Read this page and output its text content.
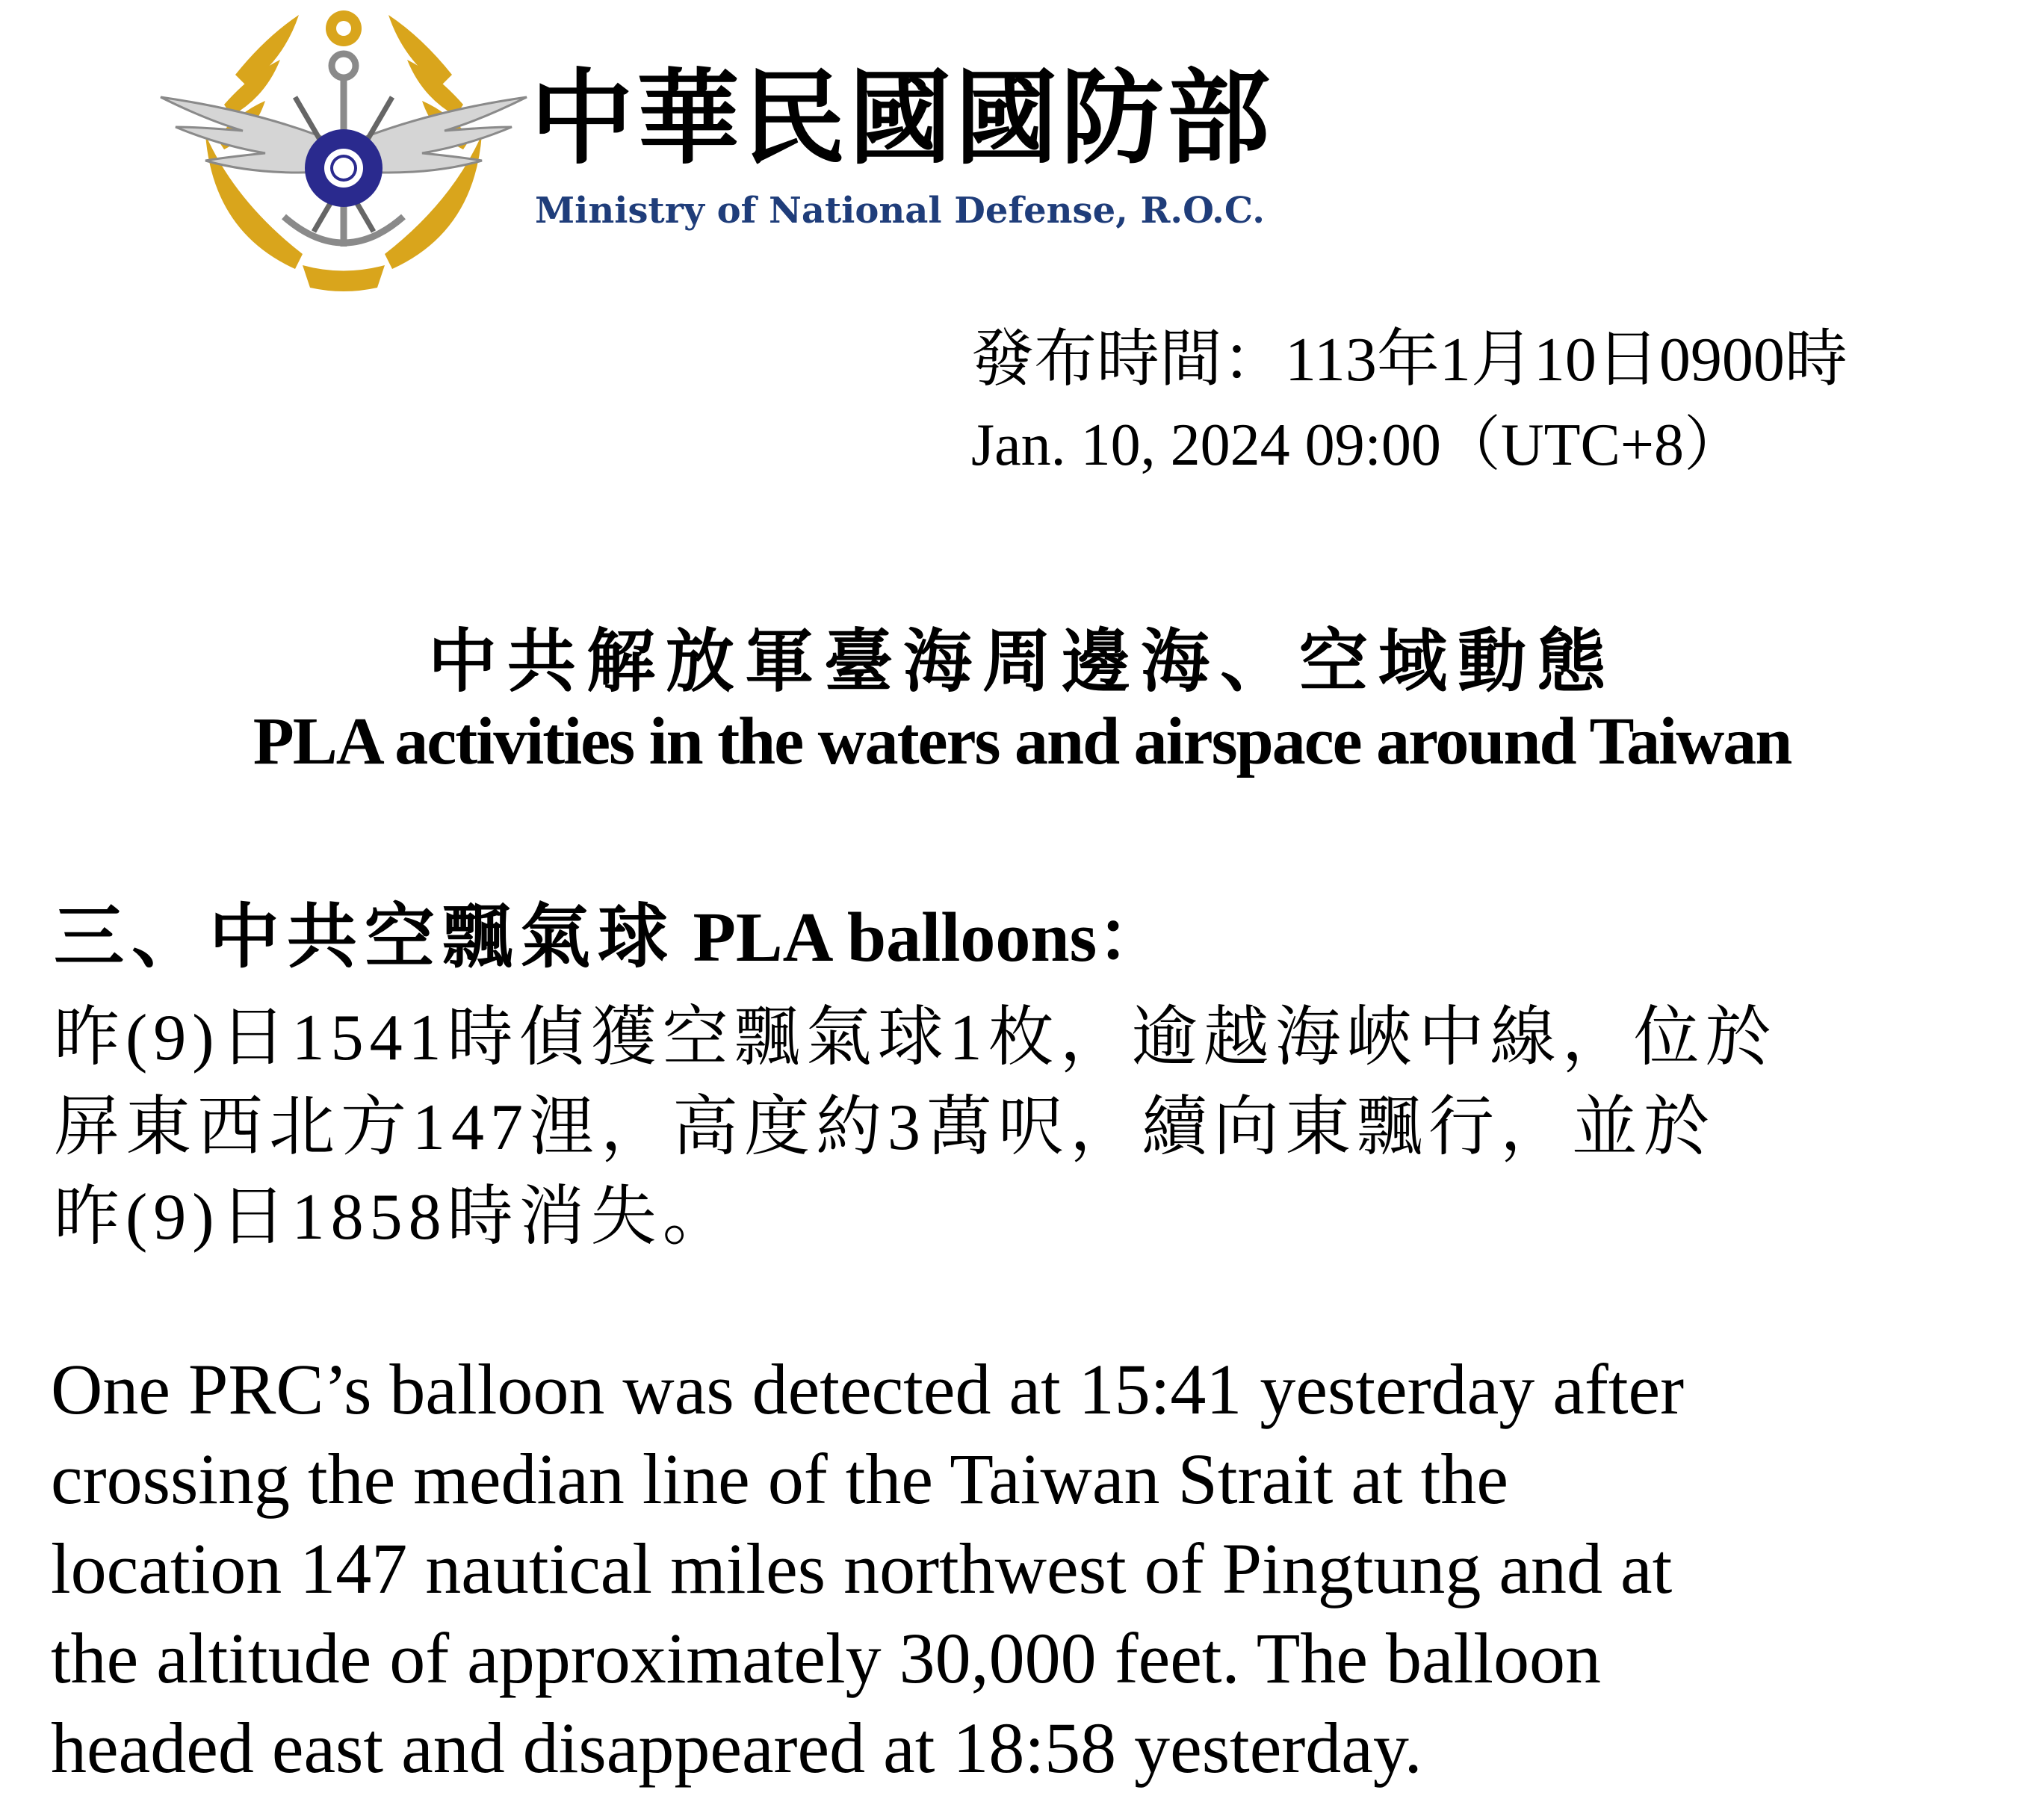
中華民國國防部
Ministry of National Defense, R.O.C.
發布時間：113年1月10日0900時
Jan. 10, 2024 09:00（UTC+8）
中共解放軍臺海周邊海、空域動態
PLA activities in the waters and airspace around Taiwan
三、中共空飄氣球 PLA balloons：
昨(9)日1541時偵獲空飄氣球1枚，逾越海峽中線，位於
屏東西北方147浬，高度約3萬呎，續向東飄行，並於
昨(9)日1858時消失。
One PRC’s balloon was detected at 15:41 yesterday after
crossing the median line of the Taiwan Strait at the
location 147 nautical miles northwest of Pingtung and at
the altitude of approximately 30,000 feet. The balloon
headed east and disappeared at 18:58 yesterday.
